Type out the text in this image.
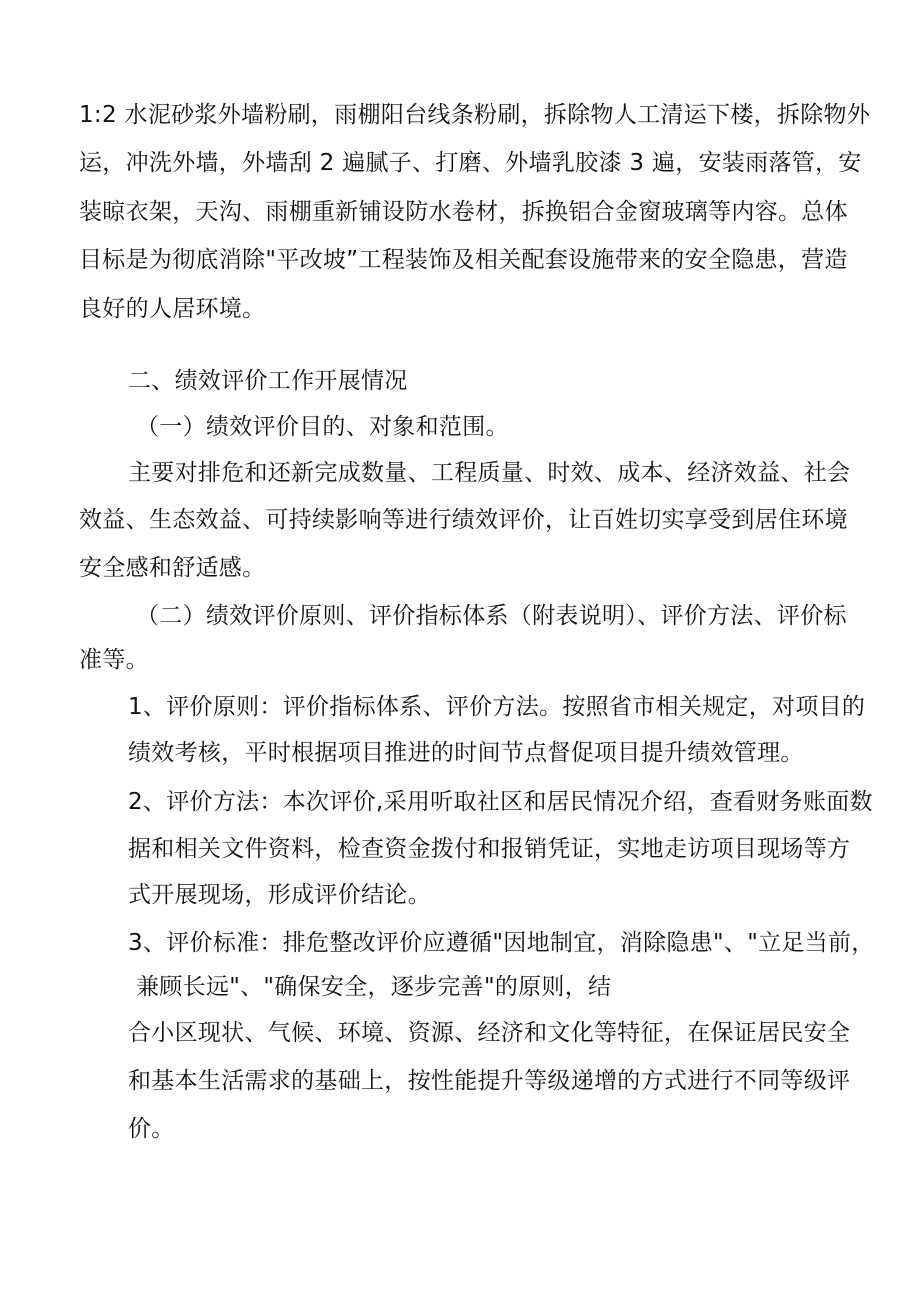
1:2 水泥砂浆外墙粉刷，雨棚阳台线条粉刷，拆除物人工清运下楼，拆除物外
运，冲洗外墙，外墙刮 2 遍腻子、打磨、外墙乳胶漆 3 遍，安装雨落管，安
装晾衣架，天沟、雨棚重新铺设防水卷材，拆换铝合金窗玻璃等内容。总体
目标是为彻底消除"平改坡”工程装饰及相关配套设施带来的安全隐患，营造
良好的人居环境。
二、绩效评价工作开展情况
（一）绩效评价目的、对象和范围。
主要对排危和还新完成数量、工程质量、时效、成本、经济效益、社会
效益、生态效益、可持续影响等进行绩效评价，让百姓切实享受到居住环境
安全感和舒适感。
（二）绩效评价原则、评价指标体系（附表说明）、评价方法、评价标
准等。
1、评价原则：评价指标体系、评价方法。按照省市相关规定，对项目的
绩效考核，平时根据项目推进的时间节点督促项目提升绩效管理。
2、评价方法：本次评价,采用听取社区和居民情况介绍，查看财务账面数
据和相关文件资料，检查资金拨付和报销凭证，实地走访项目现场等方
式开展现场，形成评价结论。
3、评价标准：排危整改评价应遵循"因地制宜，消除隐患"、"立足当前，
兼顾长远"、"确保安全，逐步完善"的原则，结
合小区现状、气候、环境、资源、经济和文化等特征，在保证居民安全
和基本生活需求的基础上，按性能提升等级递增的方式进行不同等级评
价。
